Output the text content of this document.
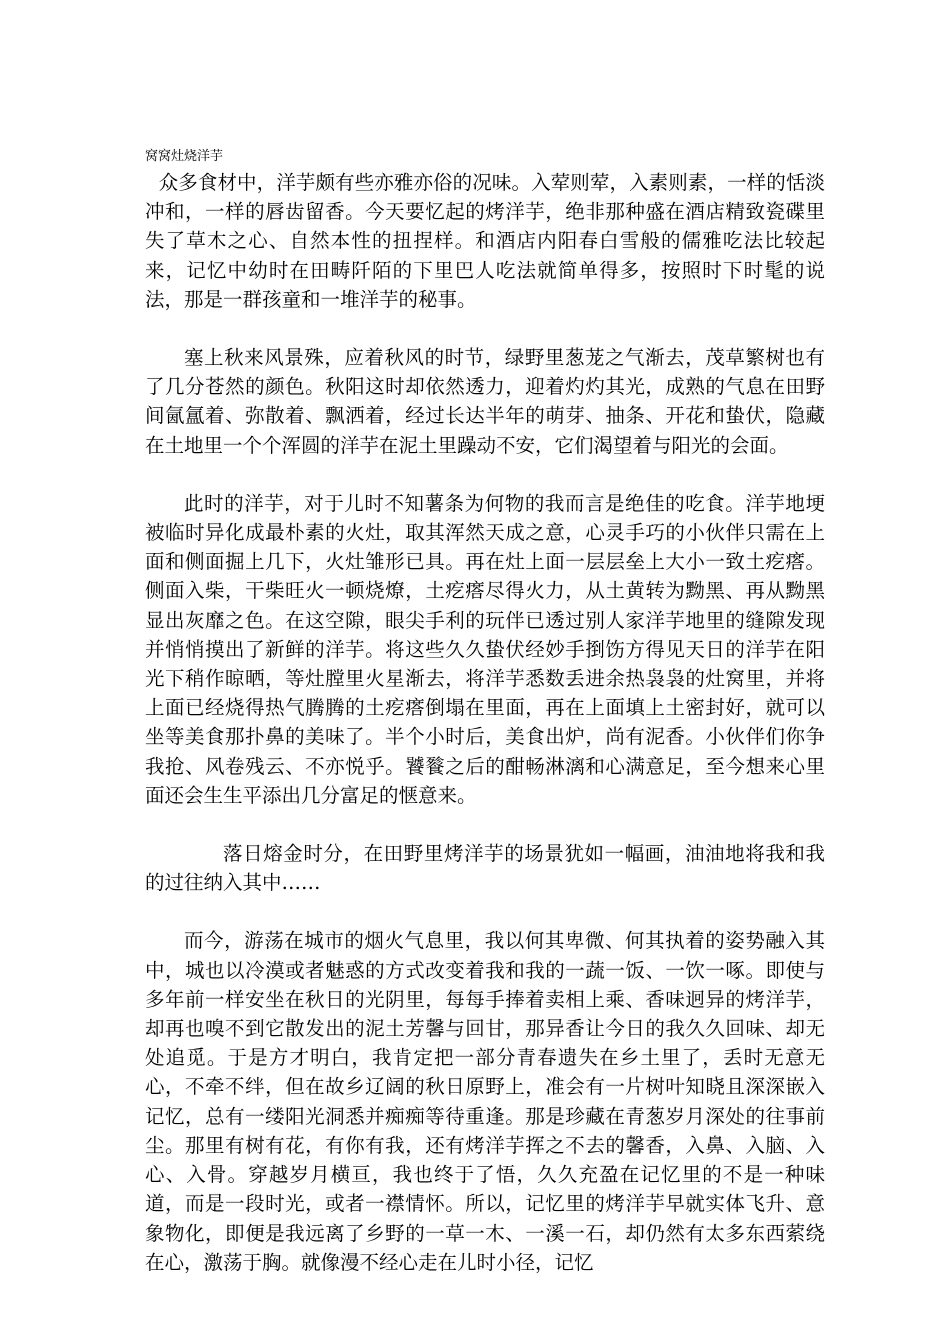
窝窝灶烧洋芋

众多食材中，洋芋颇有些亦雅亦俗的况味。入荤则荤，入素则素，一样的恬淡冲和，一样的唇齿留香。今天要忆起的烤洋芋，绝非那种盛在酒店精致瓷碟里失了草木之心、自然本性的扭捏样。和酒店内阳春白雪般的儒雅吃法比较起来，记忆中幼时在田畴阡陌的下里巴人吃法就简单得多，按照时下时髦的说法，那是一群孩童和一堆洋芋的秘事。

塞上秋来风景殊，应着秋风的时节，绿野里葱茏之气渐去，茂草繁树也有了几分苍然的颜色。秋阳这时却依然透力，迎着灼灼其光，成熟的气息在田野间氤氲着、弥散着、飘洒着，经过长达半年的萌芽、抽条、开花和蛰伏，隐藏在土地里一个个浑圆的洋芋在泥土里躁动不安，它们渴望着与阳光的会面。

此时的洋芋，对于儿时不知薯条为何物的我而言是绝佳的吃食。洋芋地埂被临时异化成最朴素的火灶，取其浑然天成之意，心灵手巧的小伙伴只需在上面和侧面掘上几下，火灶雏形已具。再在灶上面一层层垒上大小一致土疙瘩。侧面入柴，干柴旺火一顿烧燎，土疙瘩尽得火力，从土黄转为黝黑、再从黝黑显出灰靡之色。在这空隙，眼尖手利的玩伴已透过别人家洋芋地里的缝隙发现并悄悄摸出了新鲜的洋芋。将这些久久蛰伏经妙手捯饬方得见天日的洋芋在阳光下稍作晾晒，等灶膛里火星渐去，将洋芋悉数丢进余热袅袅的灶窝里，并将上面已经烧得热气腾腾的土疙瘩倒塌在里面，再在上面填上土密封好，就可以坐等美食那扑鼻的美味了。半个小时后，美食出炉，尚有泥香。小伙伴们你争我抢、风卷残云、不亦悦乎。饕餮之后的酣畅淋漓和心满意足，至今想来心里面还会生生平添出几分富足的惬意来。

落日熔金时分，在田野里烤洋芋的场景犹如一幅画，油油地将我和我的过往纳入其中……

而今，游荡在城市的烟火气息里，我以何其卑微、何其执着的姿势融入其中，城也以冷漠或者魅惑的方式改变着我和我的一蔬一饭、一饮一啄。即使与多年前一样安坐在秋日的光阴里，每每手捧着卖相上乘、香味迥异的烤洋芋，却再也嗅不到它散发出的泥土芳馨与回甘，那异香让今日的我久久回味、却无处追觅。于是方才明白，我肯定把一部分青春遗失在乡土里了，丢时无意无心，不牵不绊，但在故乡辽阔的秋日原野上，准会有一片树叶知晓且深深嵌入记忆，总有一缕阳光洞悉并痴痴等待重逢。那是珍藏在青葱岁月深处的往事前尘。那里有树有花，有你有我，还有烤洋芋挥之不去的馨香，入鼻、入脑、入心、入骨。穿越岁月横亘，我也终于了悟，久久充盈在记忆里的不是一种味道，而是一段时光，或者一襟情怀。所以，记忆里的烤洋芋早就实体飞升、意象物化，即便是我远离了乡野的一草一木、一溪一石，却仍然有太多东西萦绕在心，激荡于胸。就像漫不经心走在儿时小径，记忆
